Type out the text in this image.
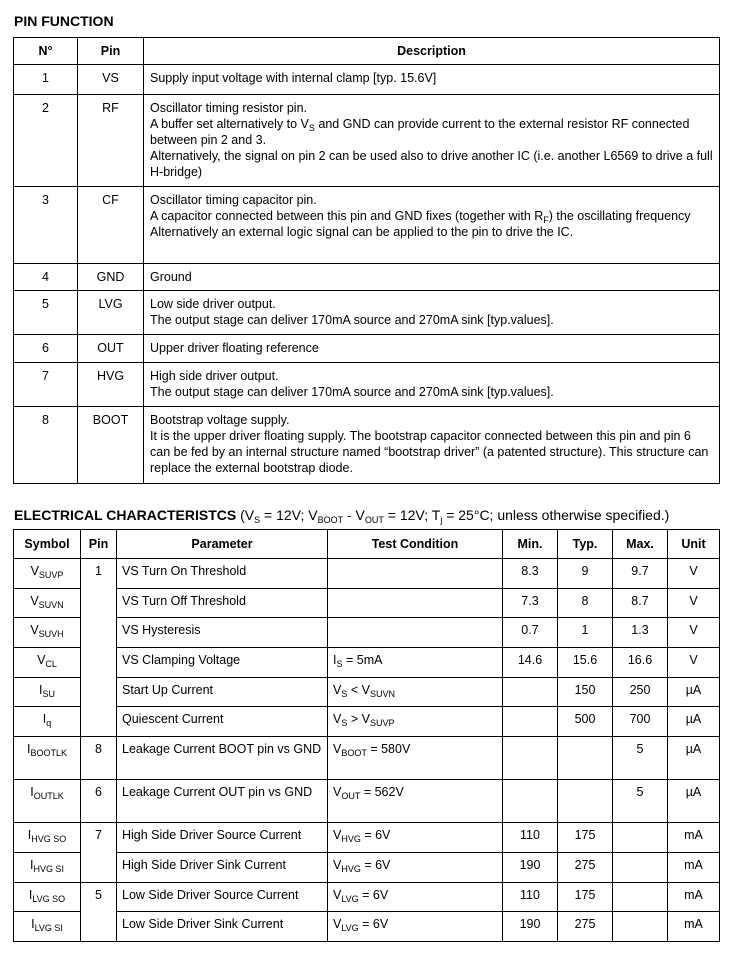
PIN FUNCTION
N°	Pin	Description
1	VS	Supply input voltage with internal clamp [typ. 15.6V]

2	RF	Oscillator timing resistor pin.
A buffer set alternatively to $V_S$ and GND can provide current to the external resistor RF connected between pin 2 and 3.
Alternatively, the signal on pin 2 can be used also to drive another IC (i.e. another L6569 to drive a full H-bridge)

3	CF	Oscillator timing capacitor pin.
A capacitor connected between this pin and GND fixes (together with $R_F$) the oscillating frequency
Alternatively an external logic signal can be applied to the pin to drive the IC.

4	GND	Ground

5	LVG	Low side driver output.
The output stage can deliver 170mA source and 270mA sink [typ.values].

6	OUT	Upper driver floating reference

7	HVG	High side driver output.
The output stage can deliver 170mA source and 270mA sink [typ.values].

8	BOOT	Bootstrap voltage supply.
It is the upper driver floating supply. The bootstrap capacitor connected between this pin and pin 6 can be fed by an internal structure named “bootstrap driver” (a patented structure). This structure can replace the external bootstrap diode.
ELECTRICAL CHARACTERISTCS ($V_S = 12V$; $V_{BOOT} - V_{OUT} = 12V$; $T_j = 25^\circ C$; unless otherwise specified.)
Symbol	Pin	Parameter	Test Condition	Min.	Typ.	Max.	Unit
$V_{SUVP}$	1	VS Turn On Threshold		8.3	9	9.7	V
$V_{SUVN}$		VS Turn Off Threshold		7.3	8	8.7	V
$V_{SUVH}$		VS Hysteresis		0.7	1	1.3	V
$V_{CL}$		VS Clamping Voltage	$I_S = 5mA$	14.6	15.6	16.6	V
$I_{SU}$		Start Up Current	$V_S < V_{SUVN}$		150	250	µA
$I_q$		Quiescent Current	$V_S > V_{SUVP}$		500	700	µA
$I_{BOOTLK}$	8	Leakage Current BOOT pin vs GND	$V_{BOOT} = 580V$			5	µA
$I_{OUTLK}$	6	Leakage Current OUT pin vs GND	$V_{OUT} = 562V$			5	µA
$I_{HVG SO}$	7	High Side Driver Source Current	$V_{HVG} = 6V$	110	175		mA
$I_{HVG SI}$		High Side Driver Sink Current	$V_{HVG} = 6V$	190	275		mA
$I_{LVG SO}$	5	Low Side Driver Source Current	$V_{LVG} = 6V$	110	175		mA
$I_{LVG SI}$		Low Side Driver Sink Current	$V_{LVG} = 6V$	190	275		mA
